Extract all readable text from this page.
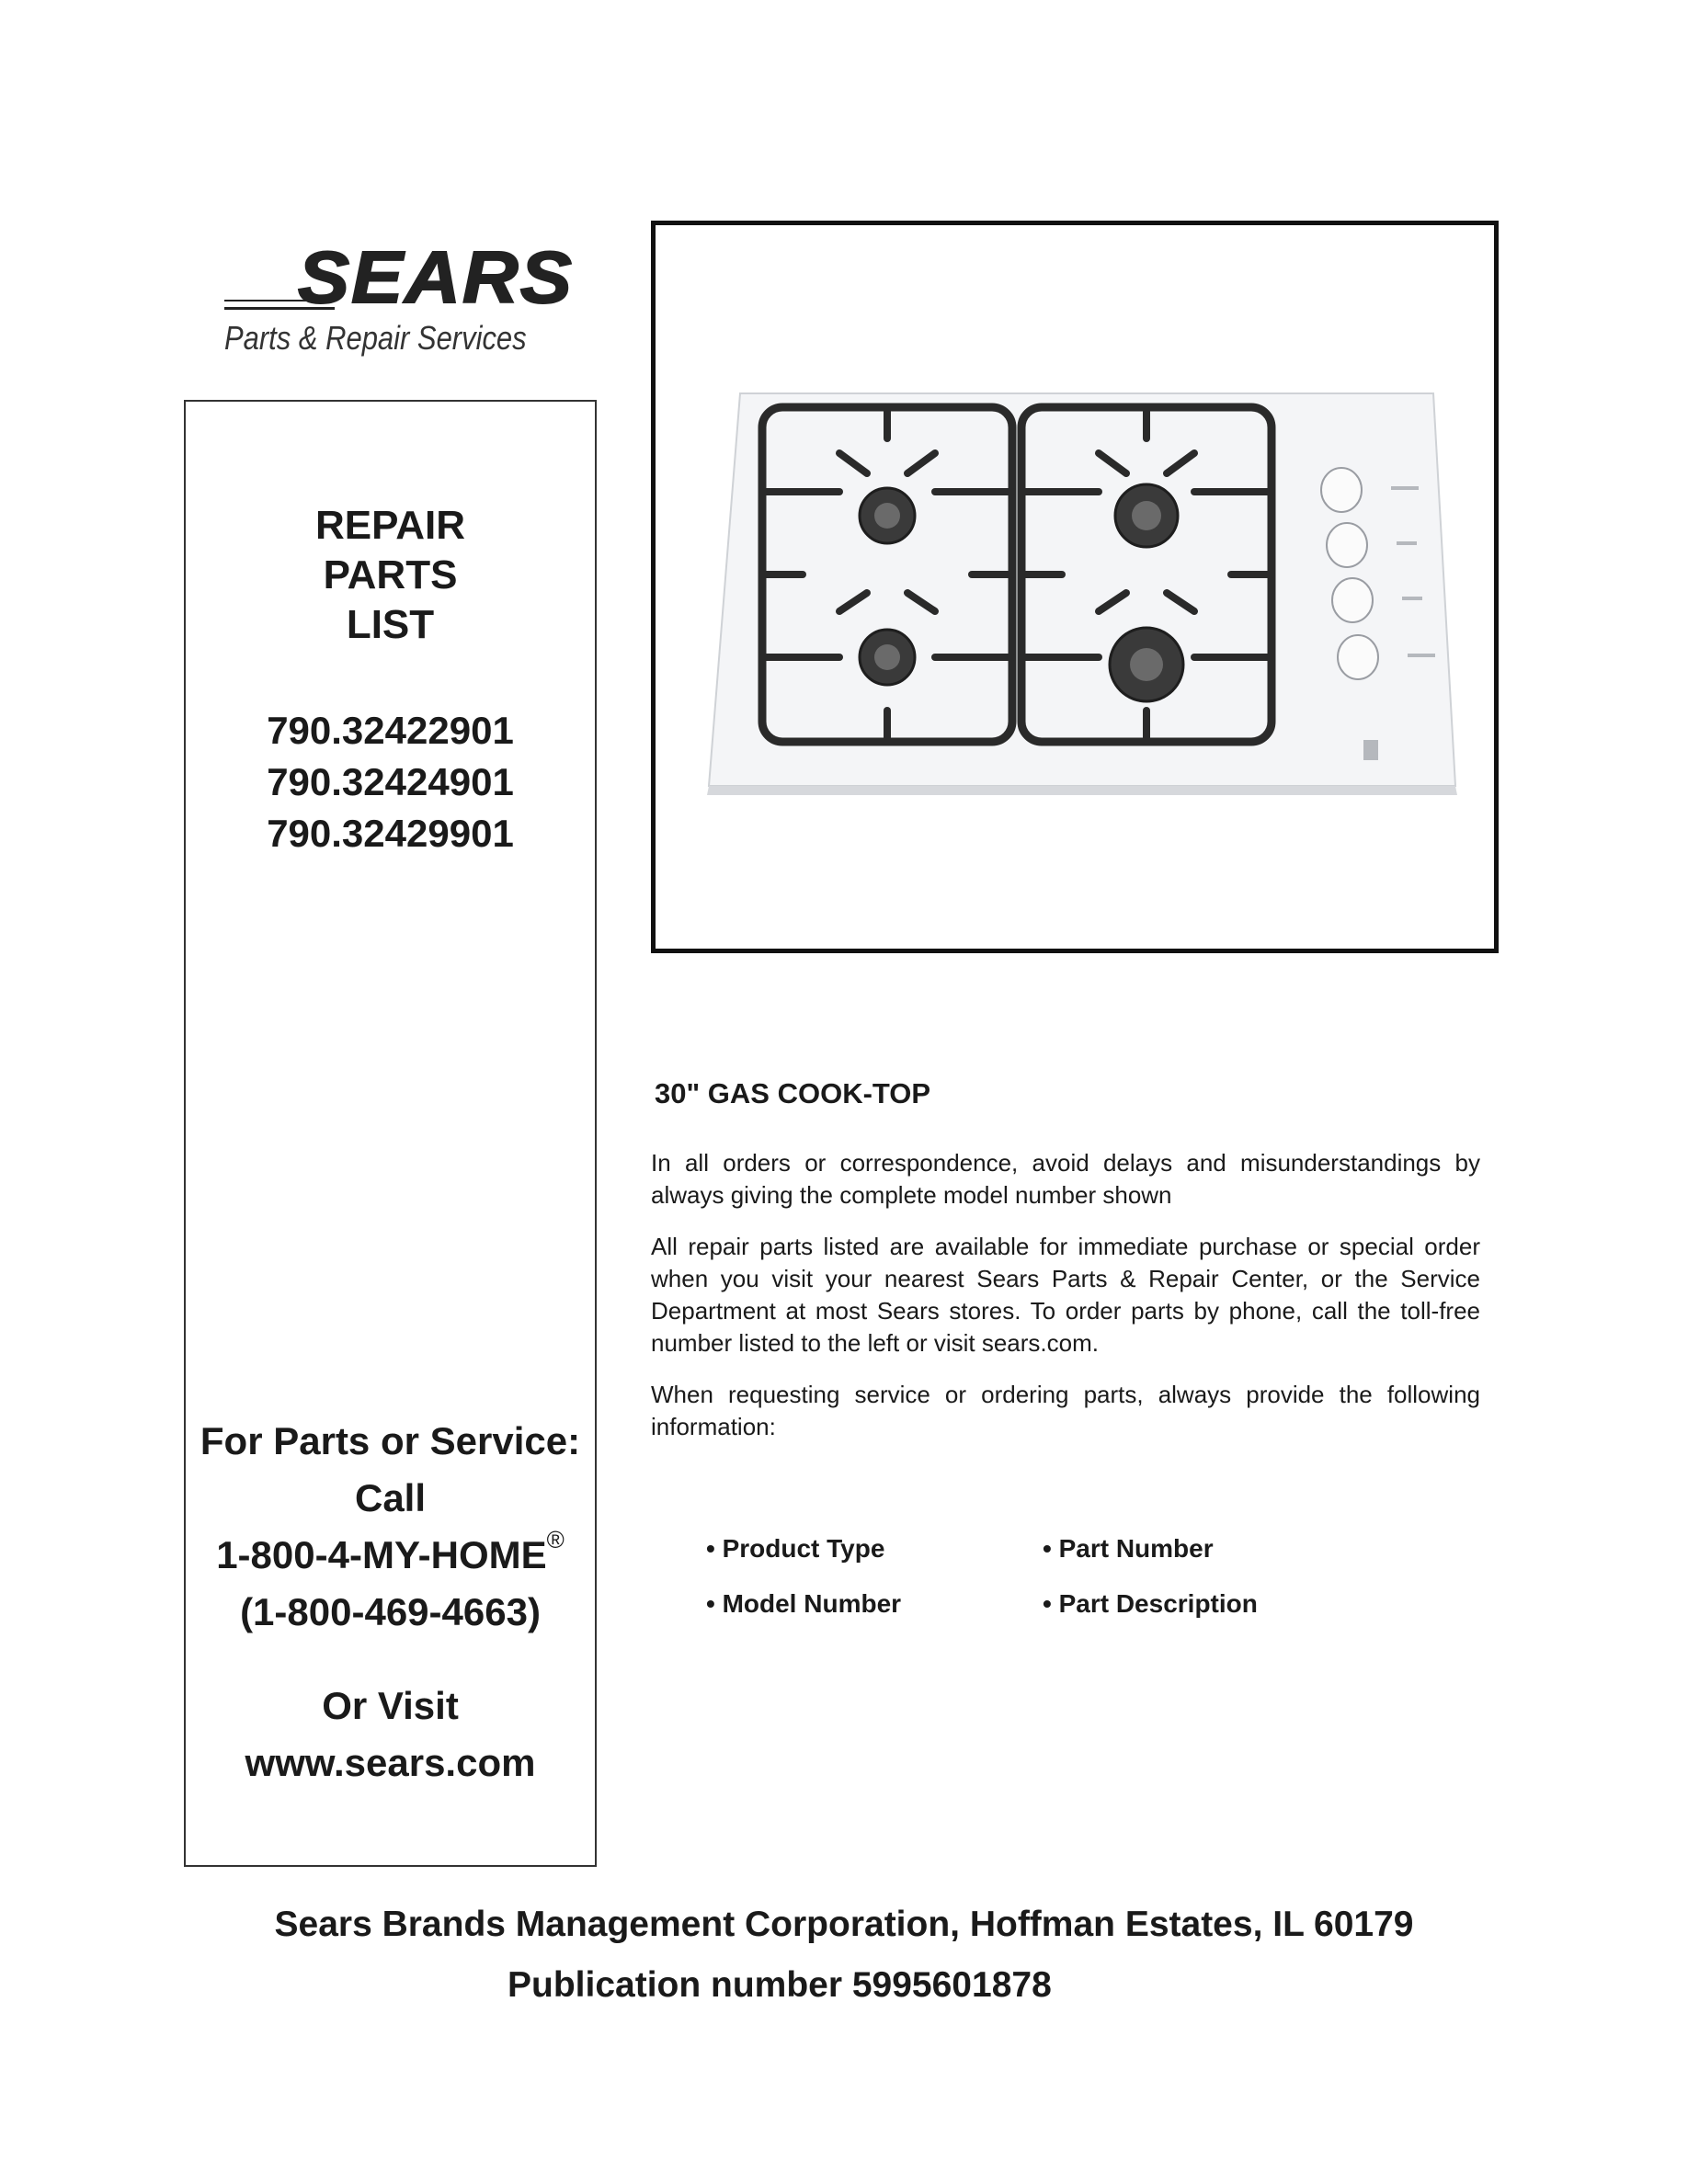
SEARS
Parts & Repair Services
REPAIR
PARTS
LIST
790.32422901
790.32424901
790.32429901
For Parts or Service:
Call
1-800-4-MY-HOME®
(1-800-469-4663)
Or Visit
www.sears.com
30" GAS COOK-TOP
In all orders or correspondence, avoid delays and misunderstandings by always giving the complete model number shown
All repair parts listed are available for immediate purchase or special order when you visit your nearest Sears Parts & Repair Center, or the Service Department at most Sears stores. To order parts by phone, call the toll-free number listed to the left or visit sears.com.
When requesting service or ordering parts, always provide the following information:
• Product Type	• Part Number
• Model Number	• Part Description
Sears Brands Management Corporation, Hoffman Estates, IL 60179
Publication number 5995601878
